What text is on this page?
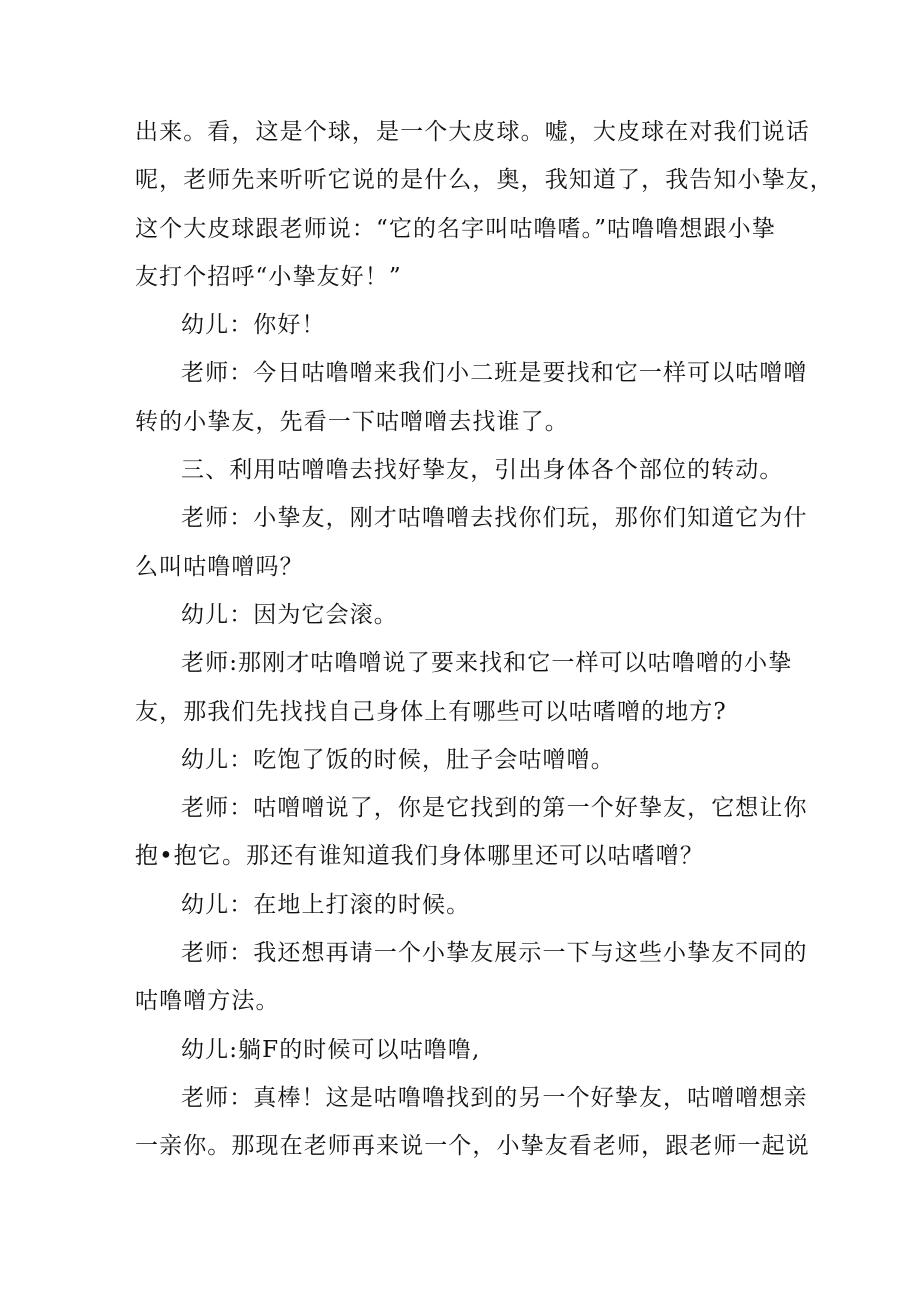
出来。看，这是个球，是一个大皮球。嘘，大皮球在对我们说话

呢，老师先来听听它说的是什么，奥，我知道了，我告知小挚友，

这个大皮球跟老师说：“它的名字叫咕噜嗜。”咕噜噜想跟小挚

友打个招呼“小挚友好！”

幼儿：你好！

老师：今日咕噜噌来我们小二班是要找和它一样可以咕噌噌

转的小挚友，先看一下咕噌噌去找谁了。

三、利用咕噌噜去找好挚友，引出身体各个部位的转动。

老师：小挚友，刚才咕噜噌去找你们玩，那你们知道它为什

么叫咕噜噌吗？

幼儿：因为它会滚。

老师:那刚才咕噜噌说了要来找和它一样可以咕噜噌的小挚

友，那我们先找找自己身体上有哪些可以咕嗜噌的地方?

幼儿：吃饱了饭的时候，肚子会咕噌噌。

老师：咕噌噌说了，你是它找到的第一个好挚友，它想让你

抱•抱它。那还有谁知道我们身体哪里还可以咕嗜噌？

幼儿：在地上打滚的时候。

老师：我还想再请一个小挚友展示一下与这些小挚友不同的

咕噜噌方法。

幼儿:躺F的时候可以咕噜噜,

老师：真棒！这是咕噜噜找到的另一个好挚友，咕噌噌想亲

一亲你。那现在老师再来说一个，小挚友看老师，跟老师一起说
